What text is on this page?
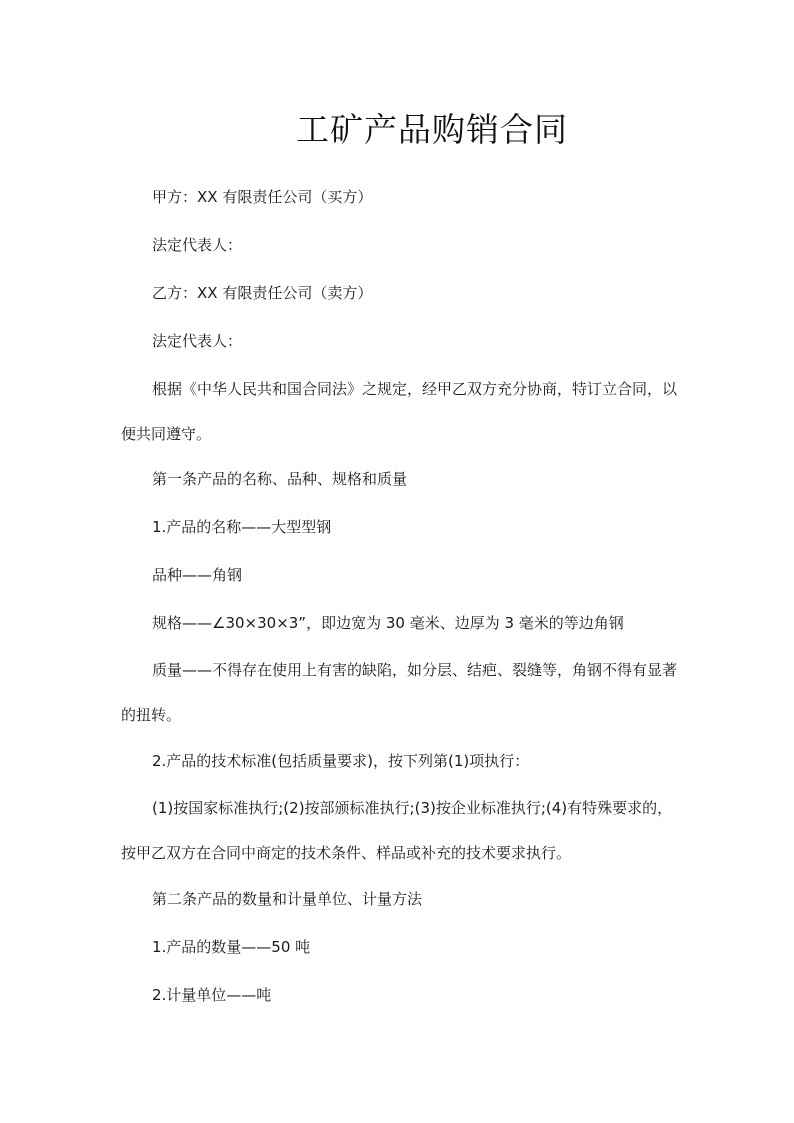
工矿产品购销合同

甲方：XX 有限责任公司（买方）

法定代表人：

乙方：XX 有限责任公司（卖方）

法定代表人：

根据《中华人民共和国合同法》之规定，经甲乙双方充分协商，特订立合同，以便共同遵守。

第一条产品的名称、品种、规格和质量

1.产品的名称——大型型钢

品种——角钢

规格——∠30×30×3”，即边宽为 30 毫米、边厚为 3 毫米的等边角钢

质量——不得存在使用上有害的缺陷，如分层、结疤、裂缝等，角钢不得有显著的扭转。

2.产品的技术标准(包括质量要求)，按下列第(1)项执行：

(1)按国家标准执行;(2)按部颁标准执行;(3)按企业标准执行;(4)有特殊要求的，按甲乙双方在合同中商定的技术条件、样品或补充的技术要求执行。

第二条产品的数量和计量单位、计量方法

1.产品的数量——50 吨

2.计量单位——吨
